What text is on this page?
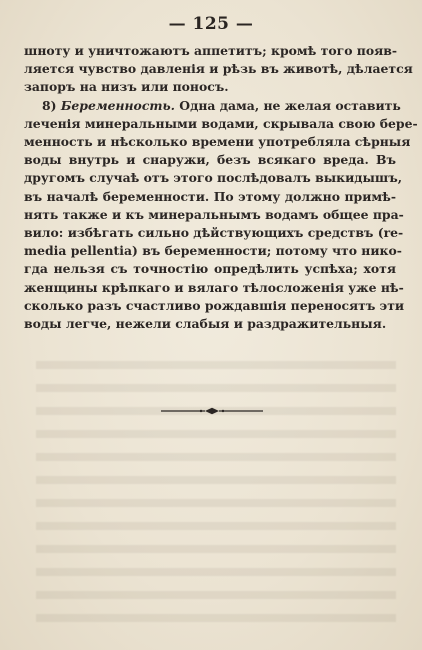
— 125 —
шноту и уничтожаютъ аппетитъ; кромѣ того появ-
ляется чувство давленія и рѣзь въ животѣ, дѣлается
запоръ на низъ или поносъ.
8) Беременность. Одна дама, не желая оставить
леченія минеральными водами, скрывала свою бере-
менность и нѣсколько времени употребляла сѣрныя
воды внутрь и снаружи, безъ всякаго вреда. Въ
другомъ случаѣ отъ этого послѣдовалъ выкидышъ,
въ началѣ беременности. По этому должно примѣ-
нять также и къ минеральнымъ водамъ общее пра-
вило: избѣгать сильно дѣйствующихъ средствъ (re-
media pellentia) въ беременности; потому что нико-
гда нельзя съ точностію опредѣлить успѣха; хотя
женщины крѣпкаго и вялаго тѣлосложенія уже нѣ-
сколько разъ счастливо рождавшія переносятъ эти
воды легче, нежели слабыя и раздражительныя.
